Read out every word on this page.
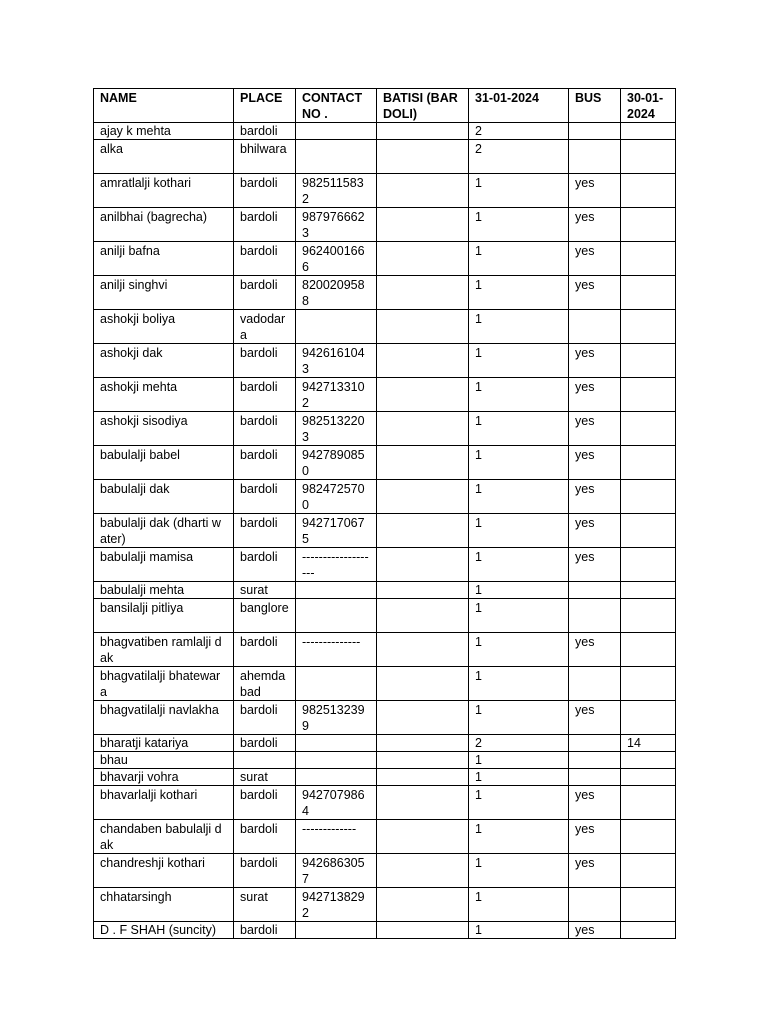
NAME	PLACE	CONTACT NO .	BATISI (BARDOLI)	31-01-2024	BUS	30-01-2024
ajay k mehta	bardoli			2		
alka	bhilwara			2		
amratlalji kothari	bardoli	9825115832		1	yes	
anilbhai (bagrecha)	bardoli	9879766623		1	yes	
anilji bafna	bardoli	9624001666		1	yes	
anilji singhvi	bardoli	8200209588		1	yes	
ashokji boliya	vadodara			1		
ashokji dak	bardoli	9426161043		1	yes	
ashokji mehta	bardoli	9427133102		1	yes	
ashokji sisodiya	bardoli	9825132203		1	yes	
babulalji babel	bardoli	9427890850		1	yes	
babulalji dak	bardoli	9824725700		1	yes	
babulalji dak (dharti water)	bardoli	9427170675		1	yes	
babulalji mamisa	bardoli	-------------------		1	yes	
babulalji mehta	surat			1		
bansilalji pitliya	banglore			1		
bhagvatiben ramlalji dak	bardoli	--------------		1	yes	
bhagvatilalji bhatewara	ahemdabad			1		
bhagvatilalji navlakha	bardoli	9825132399		1	yes	
bharatji katariya	bardoli			2		14
bhau				1		
bhavarji vohra	surat			1		
bhavarlalji kothari	bardoli	9427079864		1	yes	
chandaben babulalji dak	bardoli	-------------		1	yes	
chandreshji kothari	bardoli	9426863057		1	yes	
chhatarsingh	surat	9427138292		1		
D . F SHAH (suncity)	bardoli			1	yes	
